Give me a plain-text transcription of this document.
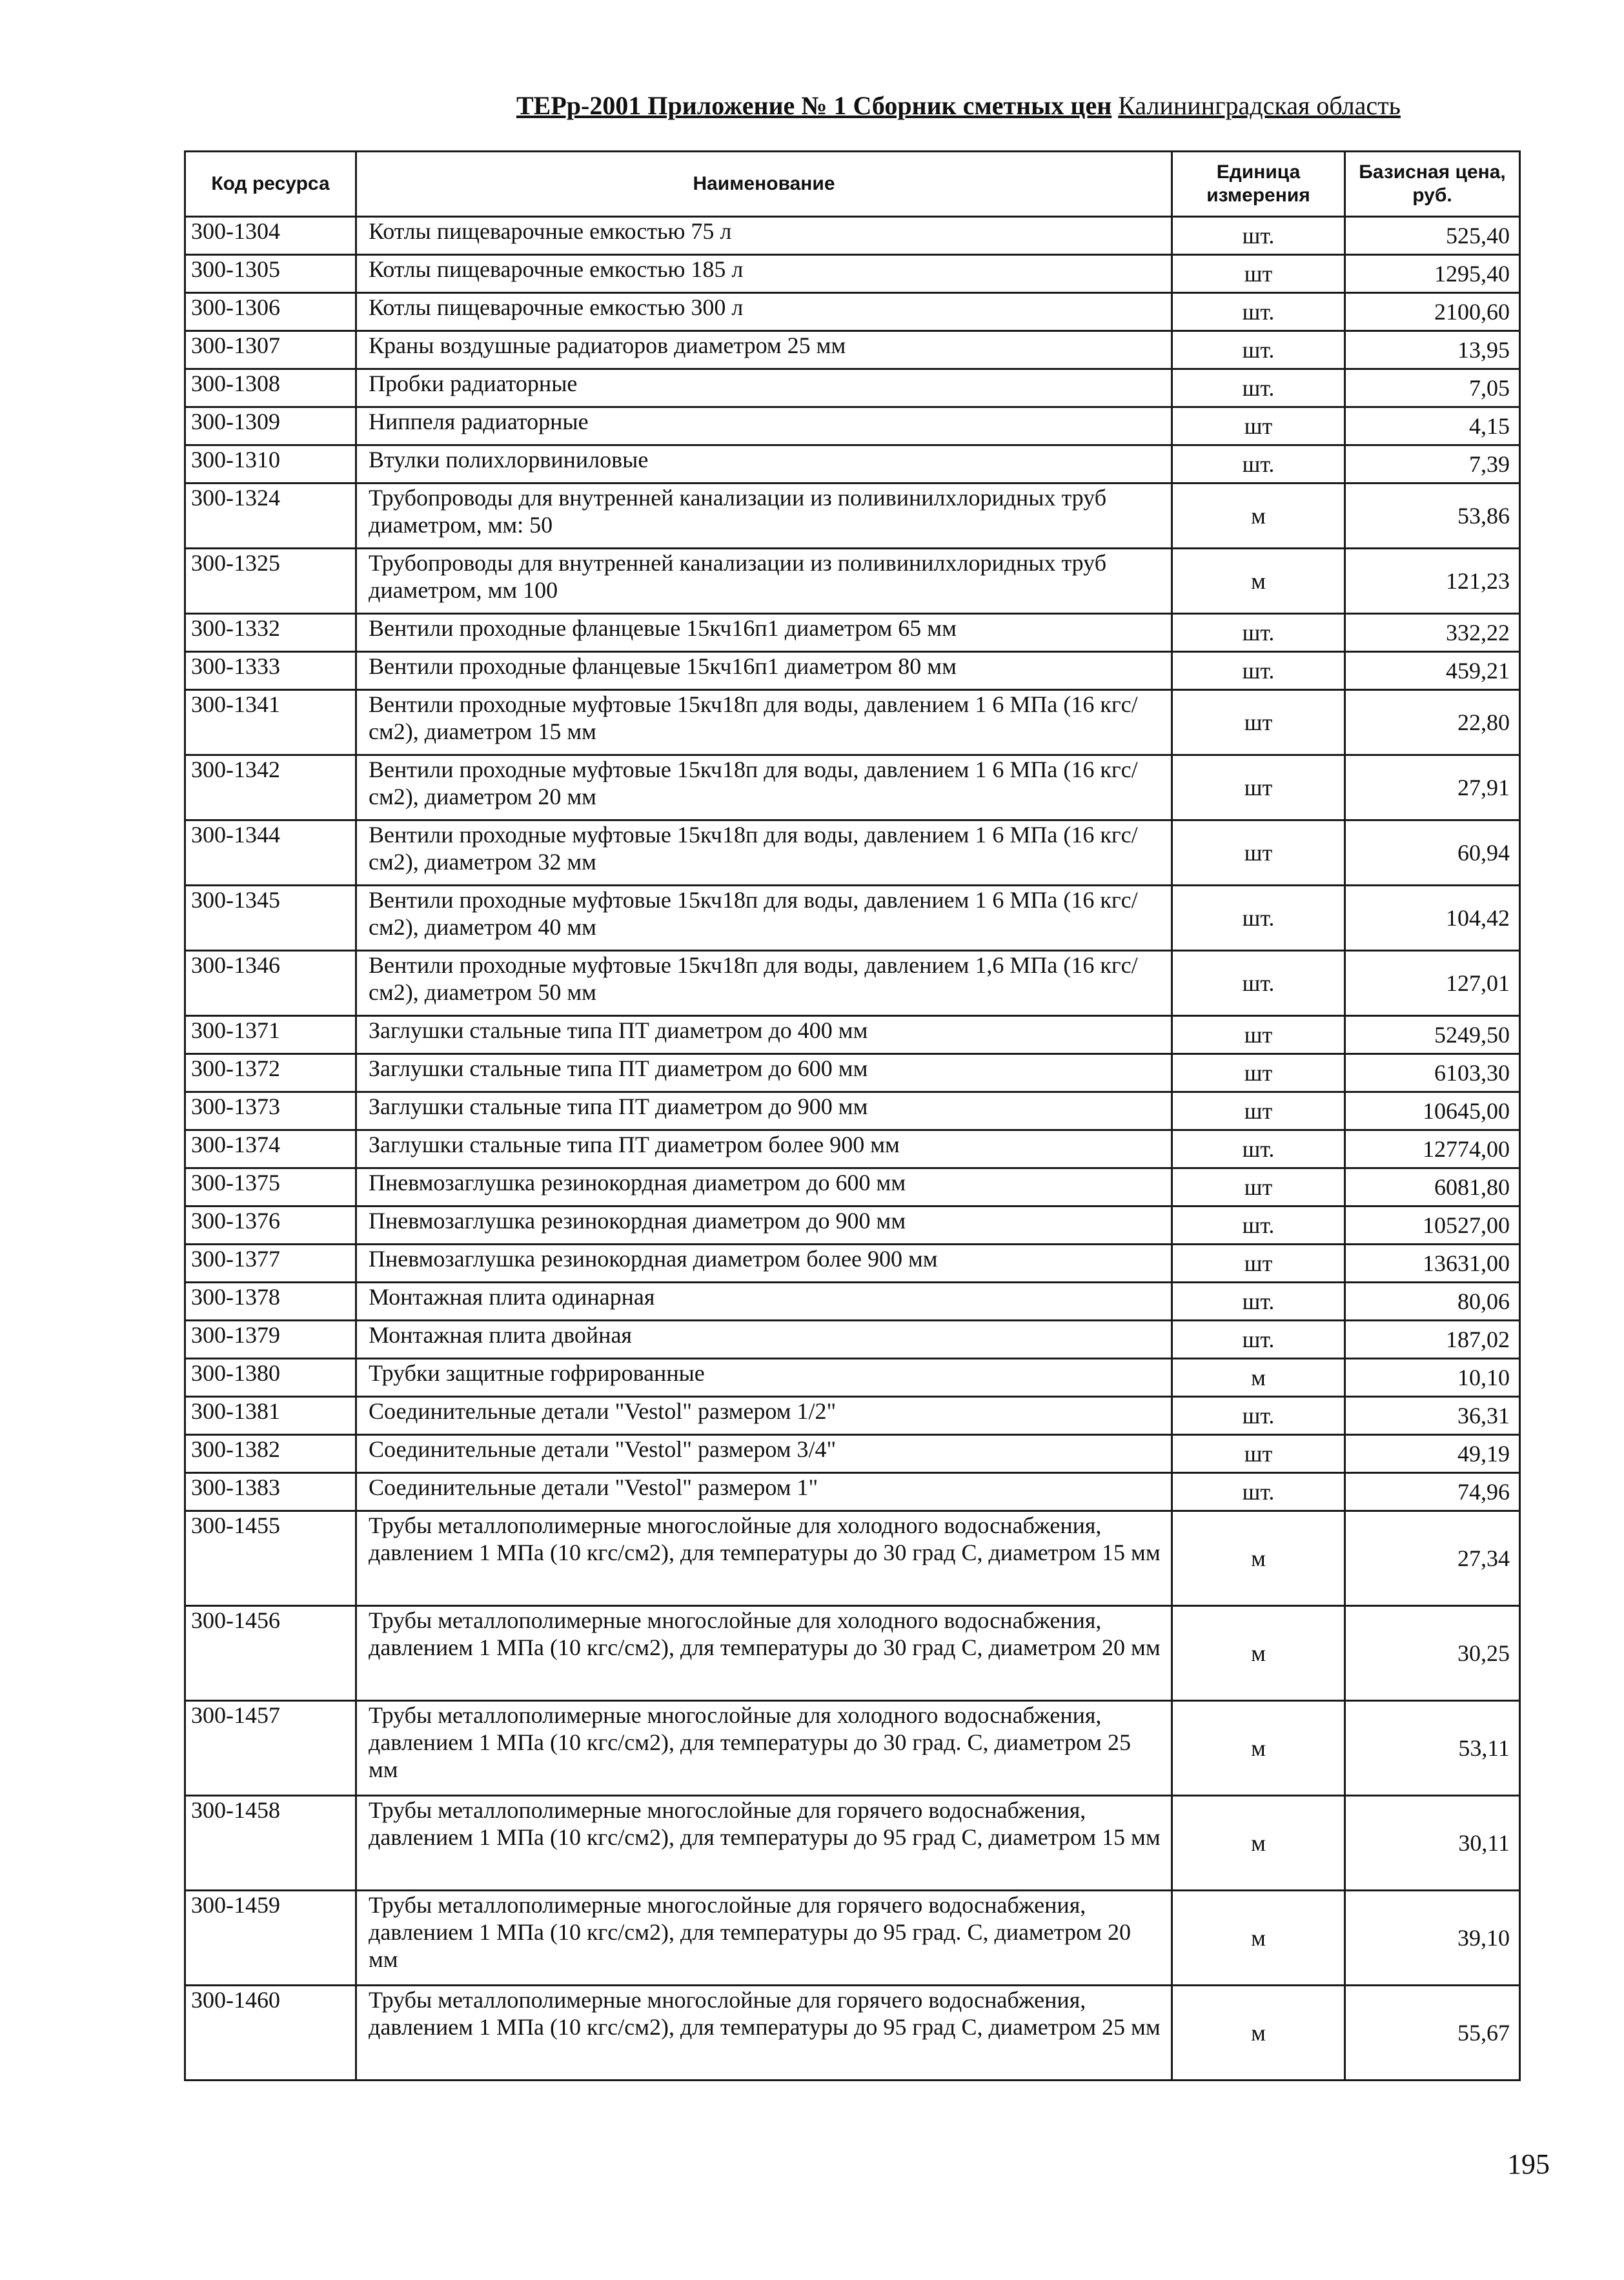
ТЕРр-2001 Приложение № 1 Сборник сметных цен Калининградская область
Код ресурса	Наименование	Единица измерения	Базисная цена, руб.
300-1304	Котлы пищеварочные емкостью 75 л	шт.	525,40
300-1305	Котлы пищеварочные емкостью 185 л	шт	1295,40
300-1306	Котлы пищеварочные емкостью 300 л	шт.	2100,60
300-1307	Краны воздушные радиаторов диаметром 25 мм	шт.	13,95
300-1308	Пробки радиаторные	шт.	7,05
300-1309	Ниппеля радиаторные	шт	4,15
300-1310	Втулки полихлорвиниловые	шт.	7,39
300-1324	Трубопроводы для внутренней канализации из поливинилхлоридных труб диаметром, мм: 50	м	53,86
300-1325	Трубопроводы для внутренней канализации из поливинилхлоридных труб диаметром, мм 100	м	121,23
300-1332	Вентили проходные фланцевые 15кч16п1 диаметром 65 мм	шт.	332,22
300-1333	Вентили проходные фланцевые 15кч16п1 диаметром 80 мм	шт.	459,21
300-1341	Вентили проходные муфтовые 15кч18п для воды, давлением 1 6 МПа (16 кгс/см2), диаметром 15 мм	шт	22,80
300-1342	Вентили проходные муфтовые 15кч18п для воды, давлением 1 6 МПа (16 кгс/см2), диаметром 20 мм	шт	27,91
300-1344	Вентили проходные муфтовые 15кч18п для воды, давлением 1 6 МПа (16 кгс/см2), диаметром 32 мм	шт	60,94
300-1345	Вентили проходные муфтовые 15кч18п для воды, давлением 1 6 МПа (16 кгс/см2), диаметром 40 мм	шт.	104,42
300-1346	Вентили проходные муфтовые 15кч18п для воды, давлением 1,6 МПа (16 кгс/см2), диаметром 50 мм	шт.	127,01
300-1371	Заглушки стальные типа ПТ диаметром до 400 мм	шт	5249,50
300-1372	Заглушки стальные типа ПТ диаметром до 600 мм	шт	6103,30
300-1373	Заглушки стальные типа ПТ диаметром до 900 мм	шт	10645,00
300-1374	Заглушки стальные типа ПТ диаметром более 900 мм	шт.	12774,00
300-1375	Пневмозаглушка резинокордная диаметром до 600 мм	шт	6081,80
300-1376	Пневмозаглушка резинокордная диаметром до 900 мм	шт.	10527,00
300-1377	Пневмозаглушка резинокордная диаметром более 900 мм	шт	13631,00
300-1378	Монтажная плита одинарная	шт.	80,06
300-1379	Монтажная плита двойная	шт.	187,02
300-1380	Трубки защитные гофрированные	м	10,10
300-1381	Соединительные детали "Vestol" размером 1/2"	шт.	36,31
300-1382	Соединительные детали "Vestol" размером 3/4"	шт	49,19
300-1383	Соединительные детали "Vestol" размером 1"	шт.	74,96
300-1455	Трубы металлополимерные многослойные для холодного водоснабжения, давлением 1 МПа (10 кгс/см2), для температуры до 30 град С, диаметром 15 мм	м	27,34
300-1456	Трубы металлополимерные многослойные для холодного водоснабжения, давлением 1 МПа (10 кгс/см2), для температуры до 30 град С, диаметром 20 мм	м	30,25
300-1457	Трубы металлополимерные многослойные для холодного водоснабжения, давлением 1 МПа (10 кгс/см2), для температуры до 30 град. С, диаметром 25 мм	м	53,11
300-1458	Трубы металлополимерные многослойные для горячего водоснабжения, давлением 1 МПа (10 кгс/см2), для температуры до 95 град С, диаметром 15 мм	м	30,11
300-1459	Трубы металлополимерные многослойные для горячего водоснабжения, давлением 1 МПа (10 кгс/см2), для температуры до 95 град. С, диаметром 20 мм	м	39,10
300-1460	Трубы металлополимерные многослойные для горячего водоснабжения, давлением 1 МПа (10 кгс/см2), для температуры до 95 град С, диаметром 25 мм	м	55,67
195
